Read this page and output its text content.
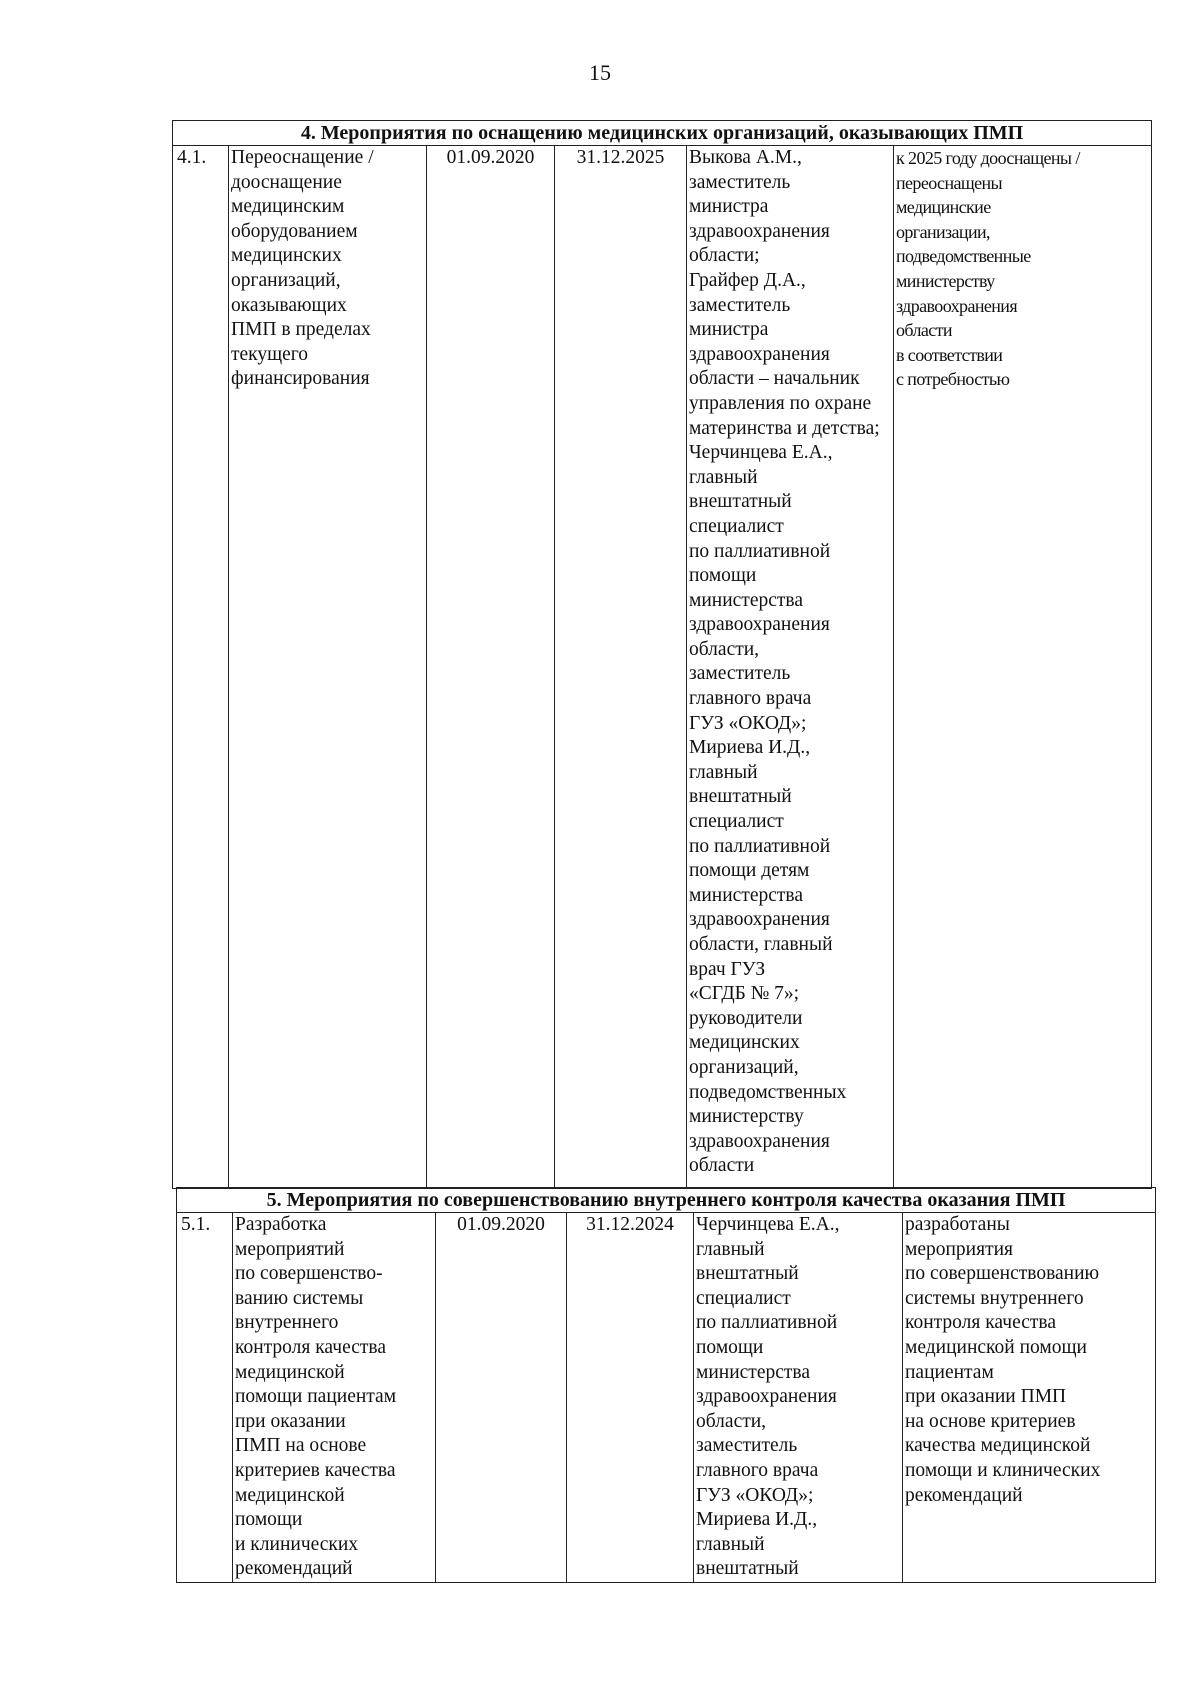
15
4. Мероприятия по оснащению медицинских организаций, оказывающих ПМП
4.1.	Переоснащение /
дооснащение
медицинским
оборудованием
медицинских
организаций,
оказывающих
ПМП в пределах
текущего
финансирования	01.09.2020	31.12.2025	Выкова А.М.,
заместитель
министра
здравоохранения
области;
Грайфер Д.А.,
заместитель
министра
здравоохранения
области – начальник
управления по охране
материнства и детства;
Черчинцева Е.А.,
главный
внештатный
специалист
по паллиативной
помощи
министерства
здравоохранения
области,
заместитель
главного врача
ГУЗ «ОКОД»;
Мириева И.Д.,
главный
внештатный
специалист
по паллиативной
помощи детям
министерства
здравоохранения
области, главный
врач ГУЗ
«СГДБ № 7»;
руководители
медицинских
организаций,
подведомственных
министерству
здравоохранения
области	к 2025 году дооснащены /
переоснащены
медицинские
организации,
подведомственные
министерству
здравоохранения
области
в соответствии
с потребностью
5. Мероприятия по совершенствованию внутреннего контроля качества оказания ПМП
5.1.	Разработка
мероприятий
по совершенство-
ванию системы
внутреннего
контроля качества
медицинской
помощи пациентам
при оказании
ПМП на основе
критериев качества
медицинской
помощи
и клинических
рекомендаций	01.09.2020	31.12.2024	Черчинцева Е.А.,
главный
внештатный
специалист
по паллиативной
помощи
министерства
здравоохранения
области,
заместитель
главного врача
ГУЗ «ОКОД»;
Мириева И.Д.,
главный
внештатный	разработаны
мероприятия
по совершенствованию
системы внутреннего
контроля качества
медицинской помощи
пациентам
при оказании ПМП
на основе критериев
качества медицинской
помощи и клинических
рекомендаций
